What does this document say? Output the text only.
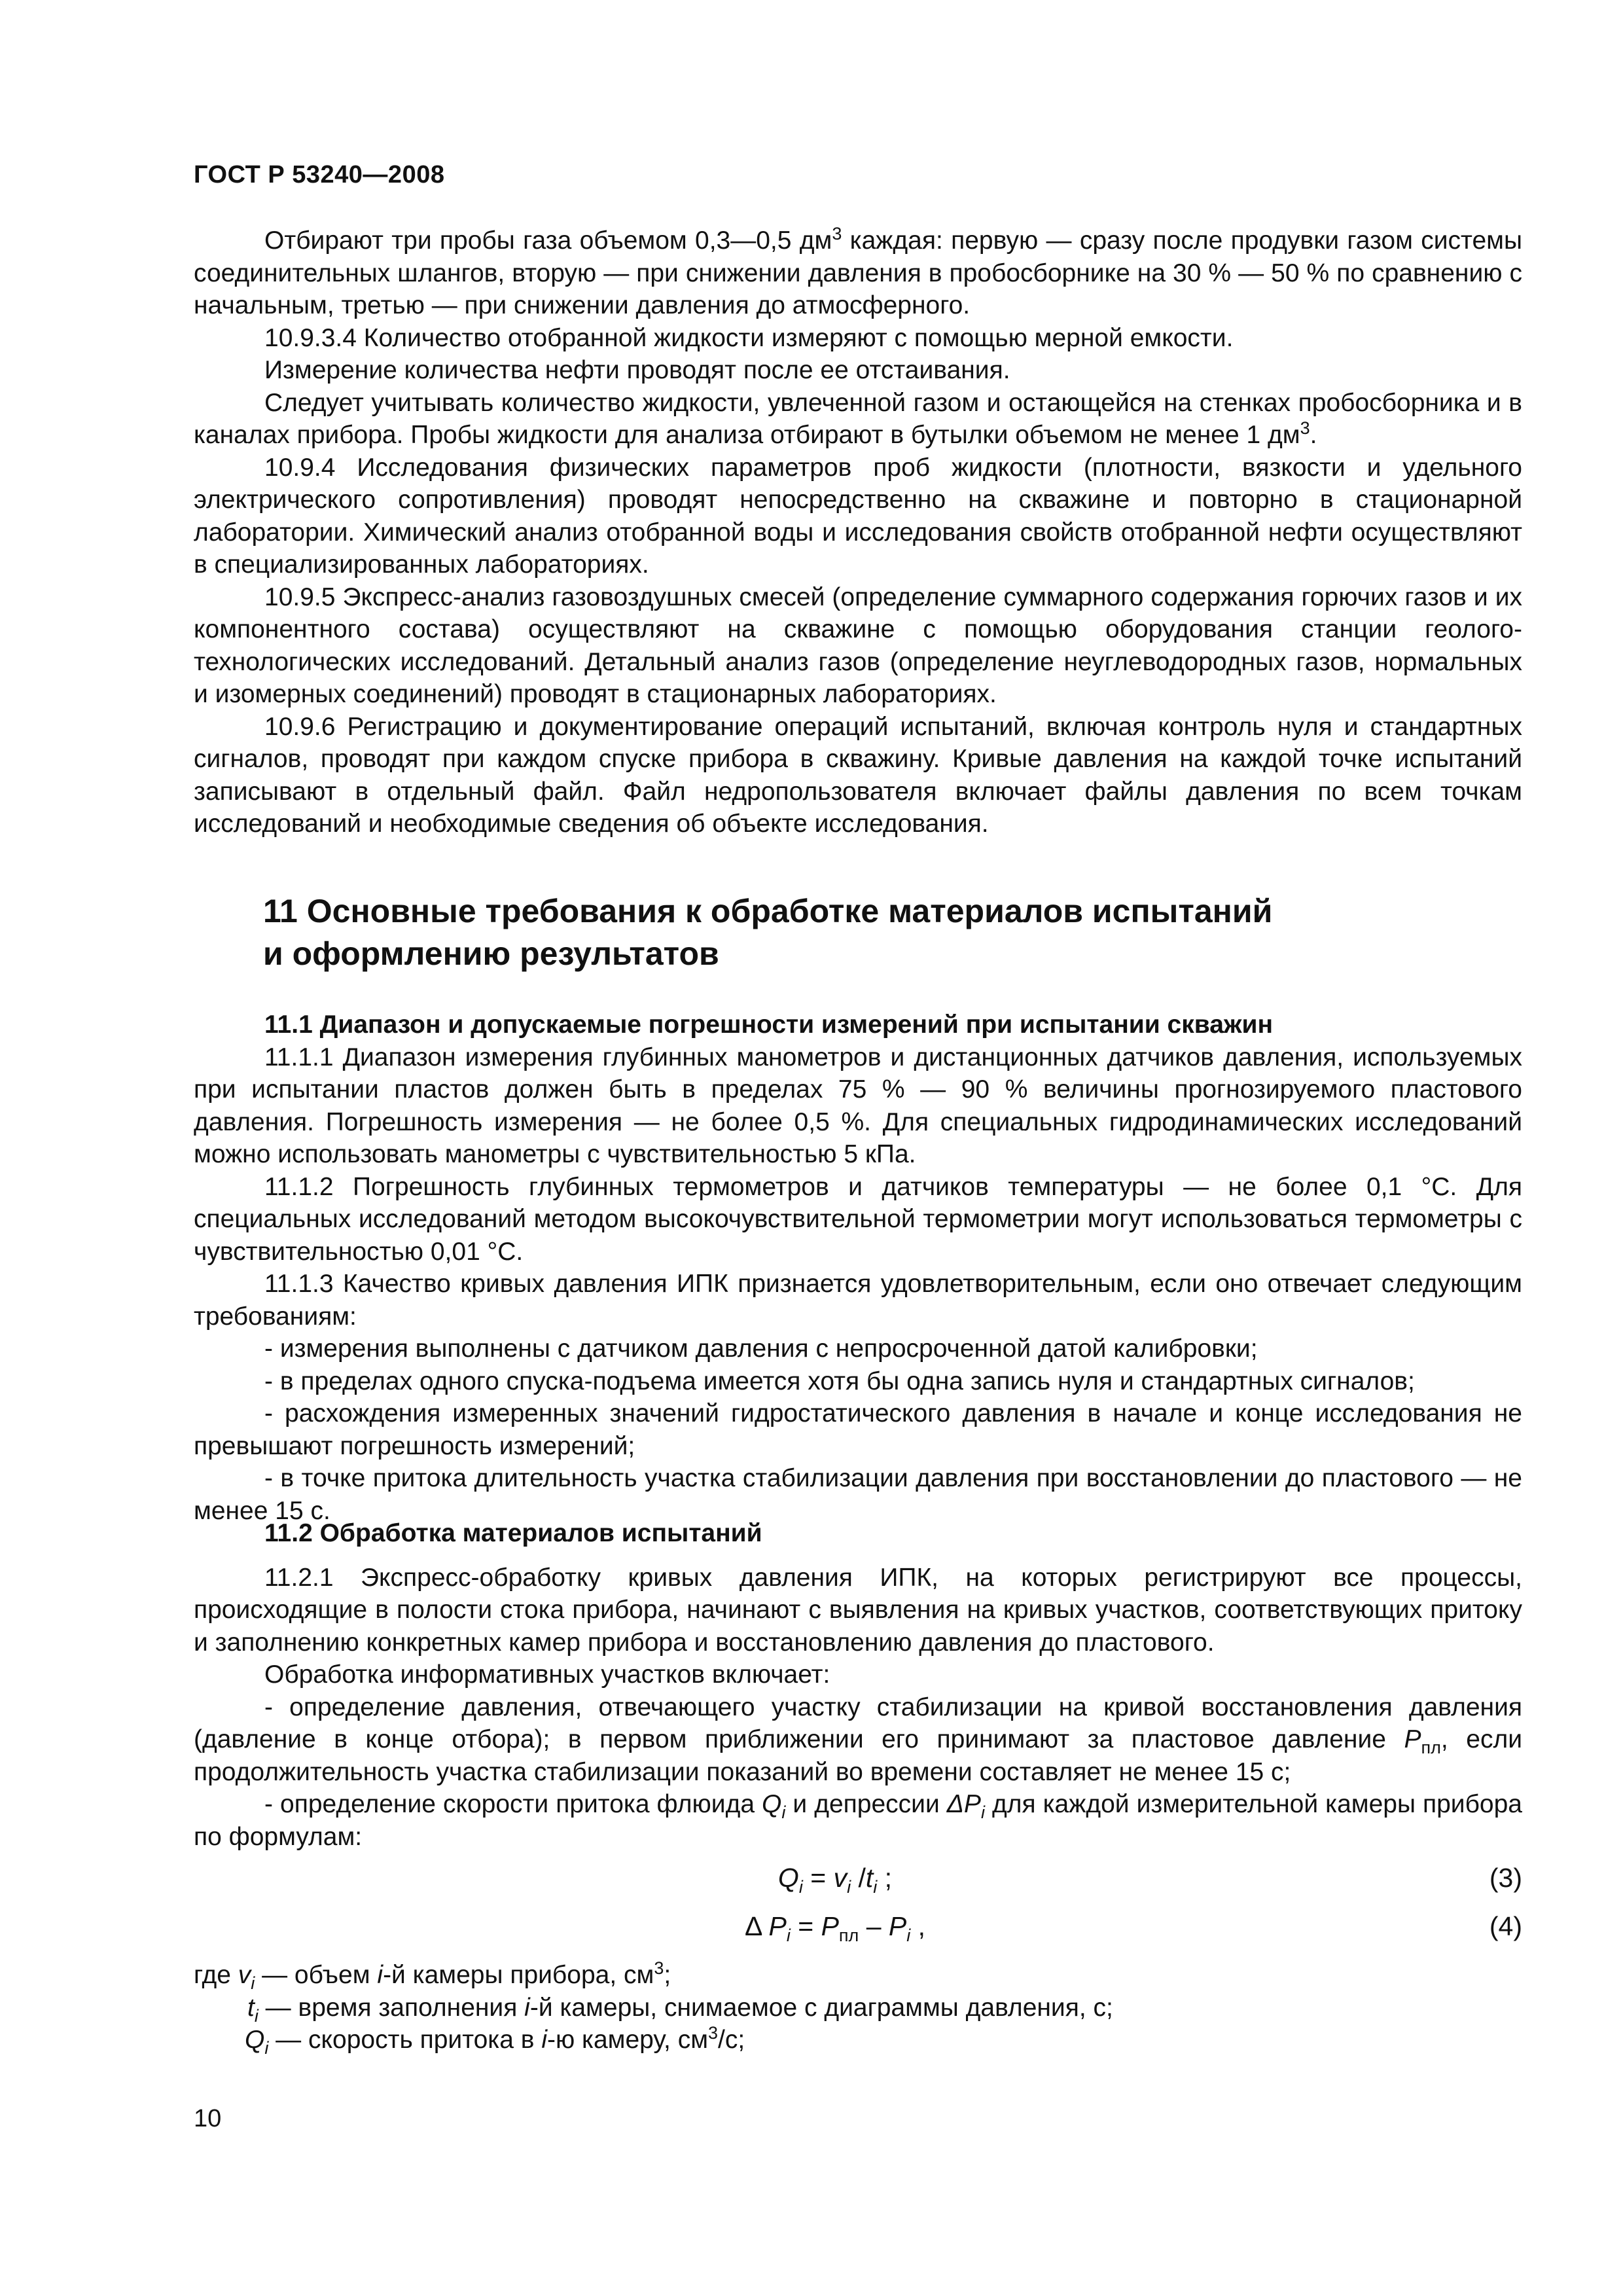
ГОСТ Р 53240—2008

Отбирают три пробы газа объемом 0,3—0,5 $дм^3$ каждая: первую — сразу после продувки газом системы соединительных шлангов, вторую — при снижении давления в пробосборнике на 30 % — 50 % по сравнению с начальным, третью — при снижении давления до атмосферного.

10.9.3.4 Количество отобранной жидкости измеряют с помощью мерной емкости.

Измерение количества нефти проводят после ее отстаивания.

Следует учитывать количество жидкости, увлеченной газом и остающейся на стенках пробосборника и в каналах прибора. Пробы жидкости для анализа отбирают в бутылки объемом не менее 1 $дм^3$.

10.9.4 Исследования физических параметров проб жидкости (плотности, вязкости и удельного электрического сопротивления) проводят непосредственно на скважине и повторно в стационарной лаборатории. Химический анализ отобранной воды и исследования свойств отобранной нефти осуществляют в специализированных лабораториях.

10.9.5 Экспресс-анализ газовоздушных смесей (определение суммарного содержания горючих газов и их компонентного состава) осуществляют на скважине с помощью оборудования станции геолого-технологических исследований. Детальный анализ газов (определение неуглеводородных газов, нормальных и изомерных соединений) проводят в стационарных лабораториях.

10.9.6 Регистрацию и документирование операций испытаний, включая контроль нуля и стандартных сигналов, проводят при каждом спуске прибора в скважину. Кривые давления на каждой точке испытаний записывают в отдельный файл. Файл недропользователя включает файлы давления по всем точкам исследований и необходимые сведения об объекте исследования.

11 Основные требования к обработке материалов испытаний
и оформлению результатов

11.1 Диапазон и допускаемые погрешности измерений при испытании скважин

11.1.1 Диапазон измерения глубинных манометров и дистанционных датчиков давления, используемых при испытании пластов должен быть в пределах 75 % — 90 % величины прогнозируемого пластового давления. Погрешность измерения — не более 0,5 %. Для специальных гидродинамических исследований можно использовать манометры с чувствительностью 5 кПа.

11.1.2 Погрешность глубинных термометров и датчиков температуры — не более 0,1 °С. Для специальных исследований методом высокочувствительной термометрии могут использоваться термометры с чувствительностью 0,01 °С.

11.1.3 Качество кривых давления ИПК признается удовлетворительным, если оно отвечает следующим требованиям:

- измерения выполнены с датчиком давления с непросроченной датой калибровки;

- в пределах одного спуска-подъема имеется хотя бы одна запись нуля и стандартных сигналов;

- расхождения измеренных значений гидростатического давления в начале и конце исследования не превышают погрешность измерений;

- в точке притока длительность участка стабилизации давления при восстановлении до пластового — не менее 15 с.

11.2 Обработка материалов испытаний

11.2.1 Экспресс-обработку кривых давления ИПК, на которых регистрируют все процессы, происходящие в полости стока прибора, начинают с выявления на кривых участков, соответствующих притоку и заполнению конкретных камер прибора и восстановлению давления до пластового.

Обработка информативных участков включает:

- определение давления, отвечающего участку стабилизации на кривой восстановления давления (давление в конце отбора); в первом приближении его принимают за пластовое давление $P_{пл}$, если продолжительность участка стабилизации показаний во времени составляет не менее 15 с;

- определение скорости притока флюида $Q_i$ и депрессии $\Delta P_i$ для каждой измерительной камеры прибора по формулам:

$Q_i = v_i$ $/t_i$ ;	(3)
Δ $P_i = P_{пл} - P_i$ ,	(4)

где $v_i$ — объем i-й камеры прибора, $см^3$;

$t_i$ — время заполнения i-й камеры, снимаемое с диаграммы давления, с;

$Q_i$ — скорость притока в i-ю камеру, $см^3/с$;

10
